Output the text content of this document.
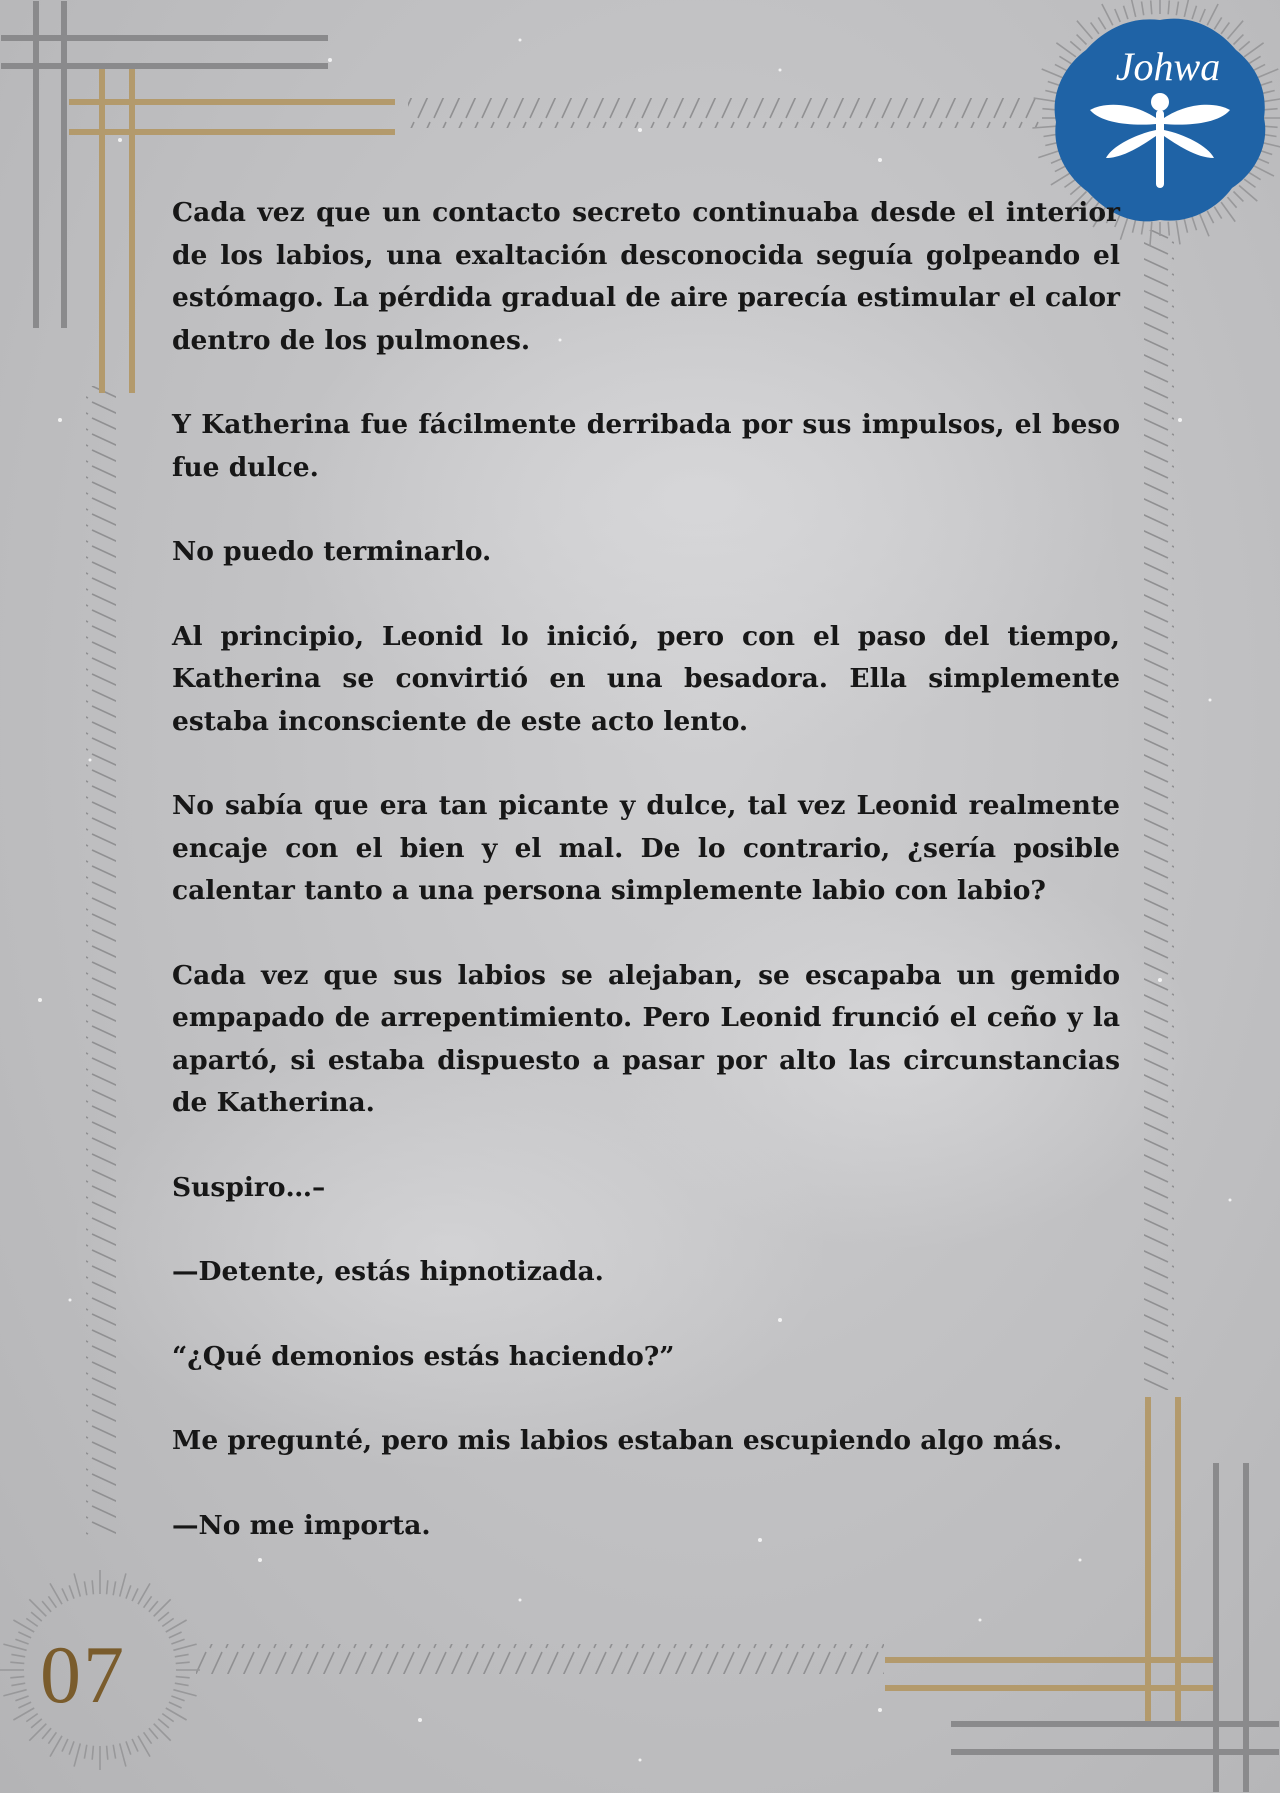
Johwa

Cada vez que un contacto secreto continuaba desde el interior de los labios, una exaltación desconocida seguía golpeando el estómago. La pérdida gradual de aire parecía estimular el calor dentro de los pulmones.

Y Katherina fue fácilmente derribada por sus impulsos, el beso fue dulce.

No puedo terminarlo.

Al principio, Leonid lo inició, pero con el paso del tiempo, Katherina se convirtió en una besadora. Ella simplemente estaba inconsciente de este acto lento.

No sabía que era tan picante y dulce, tal vez Leonid realmente encaje con el bien y el mal. De lo contrario, ¿sería posible calentar tanto a una persona simplemente labio con labio?

Cada vez que sus labios se alejaban, se escapaba un gemido empapado de arrepentimiento. Pero Leonid frunció el ceño y la apartó, si estaba dispuesto a pasar por alto las circunstancias de Katherina.

Suspiro…–

—Detente, estás hipnotizada.

“¿Qué demonios estás haciendo?”

Me pregunté, pero mis labios estaban escupiendo algo más.

—No me importa.

07
